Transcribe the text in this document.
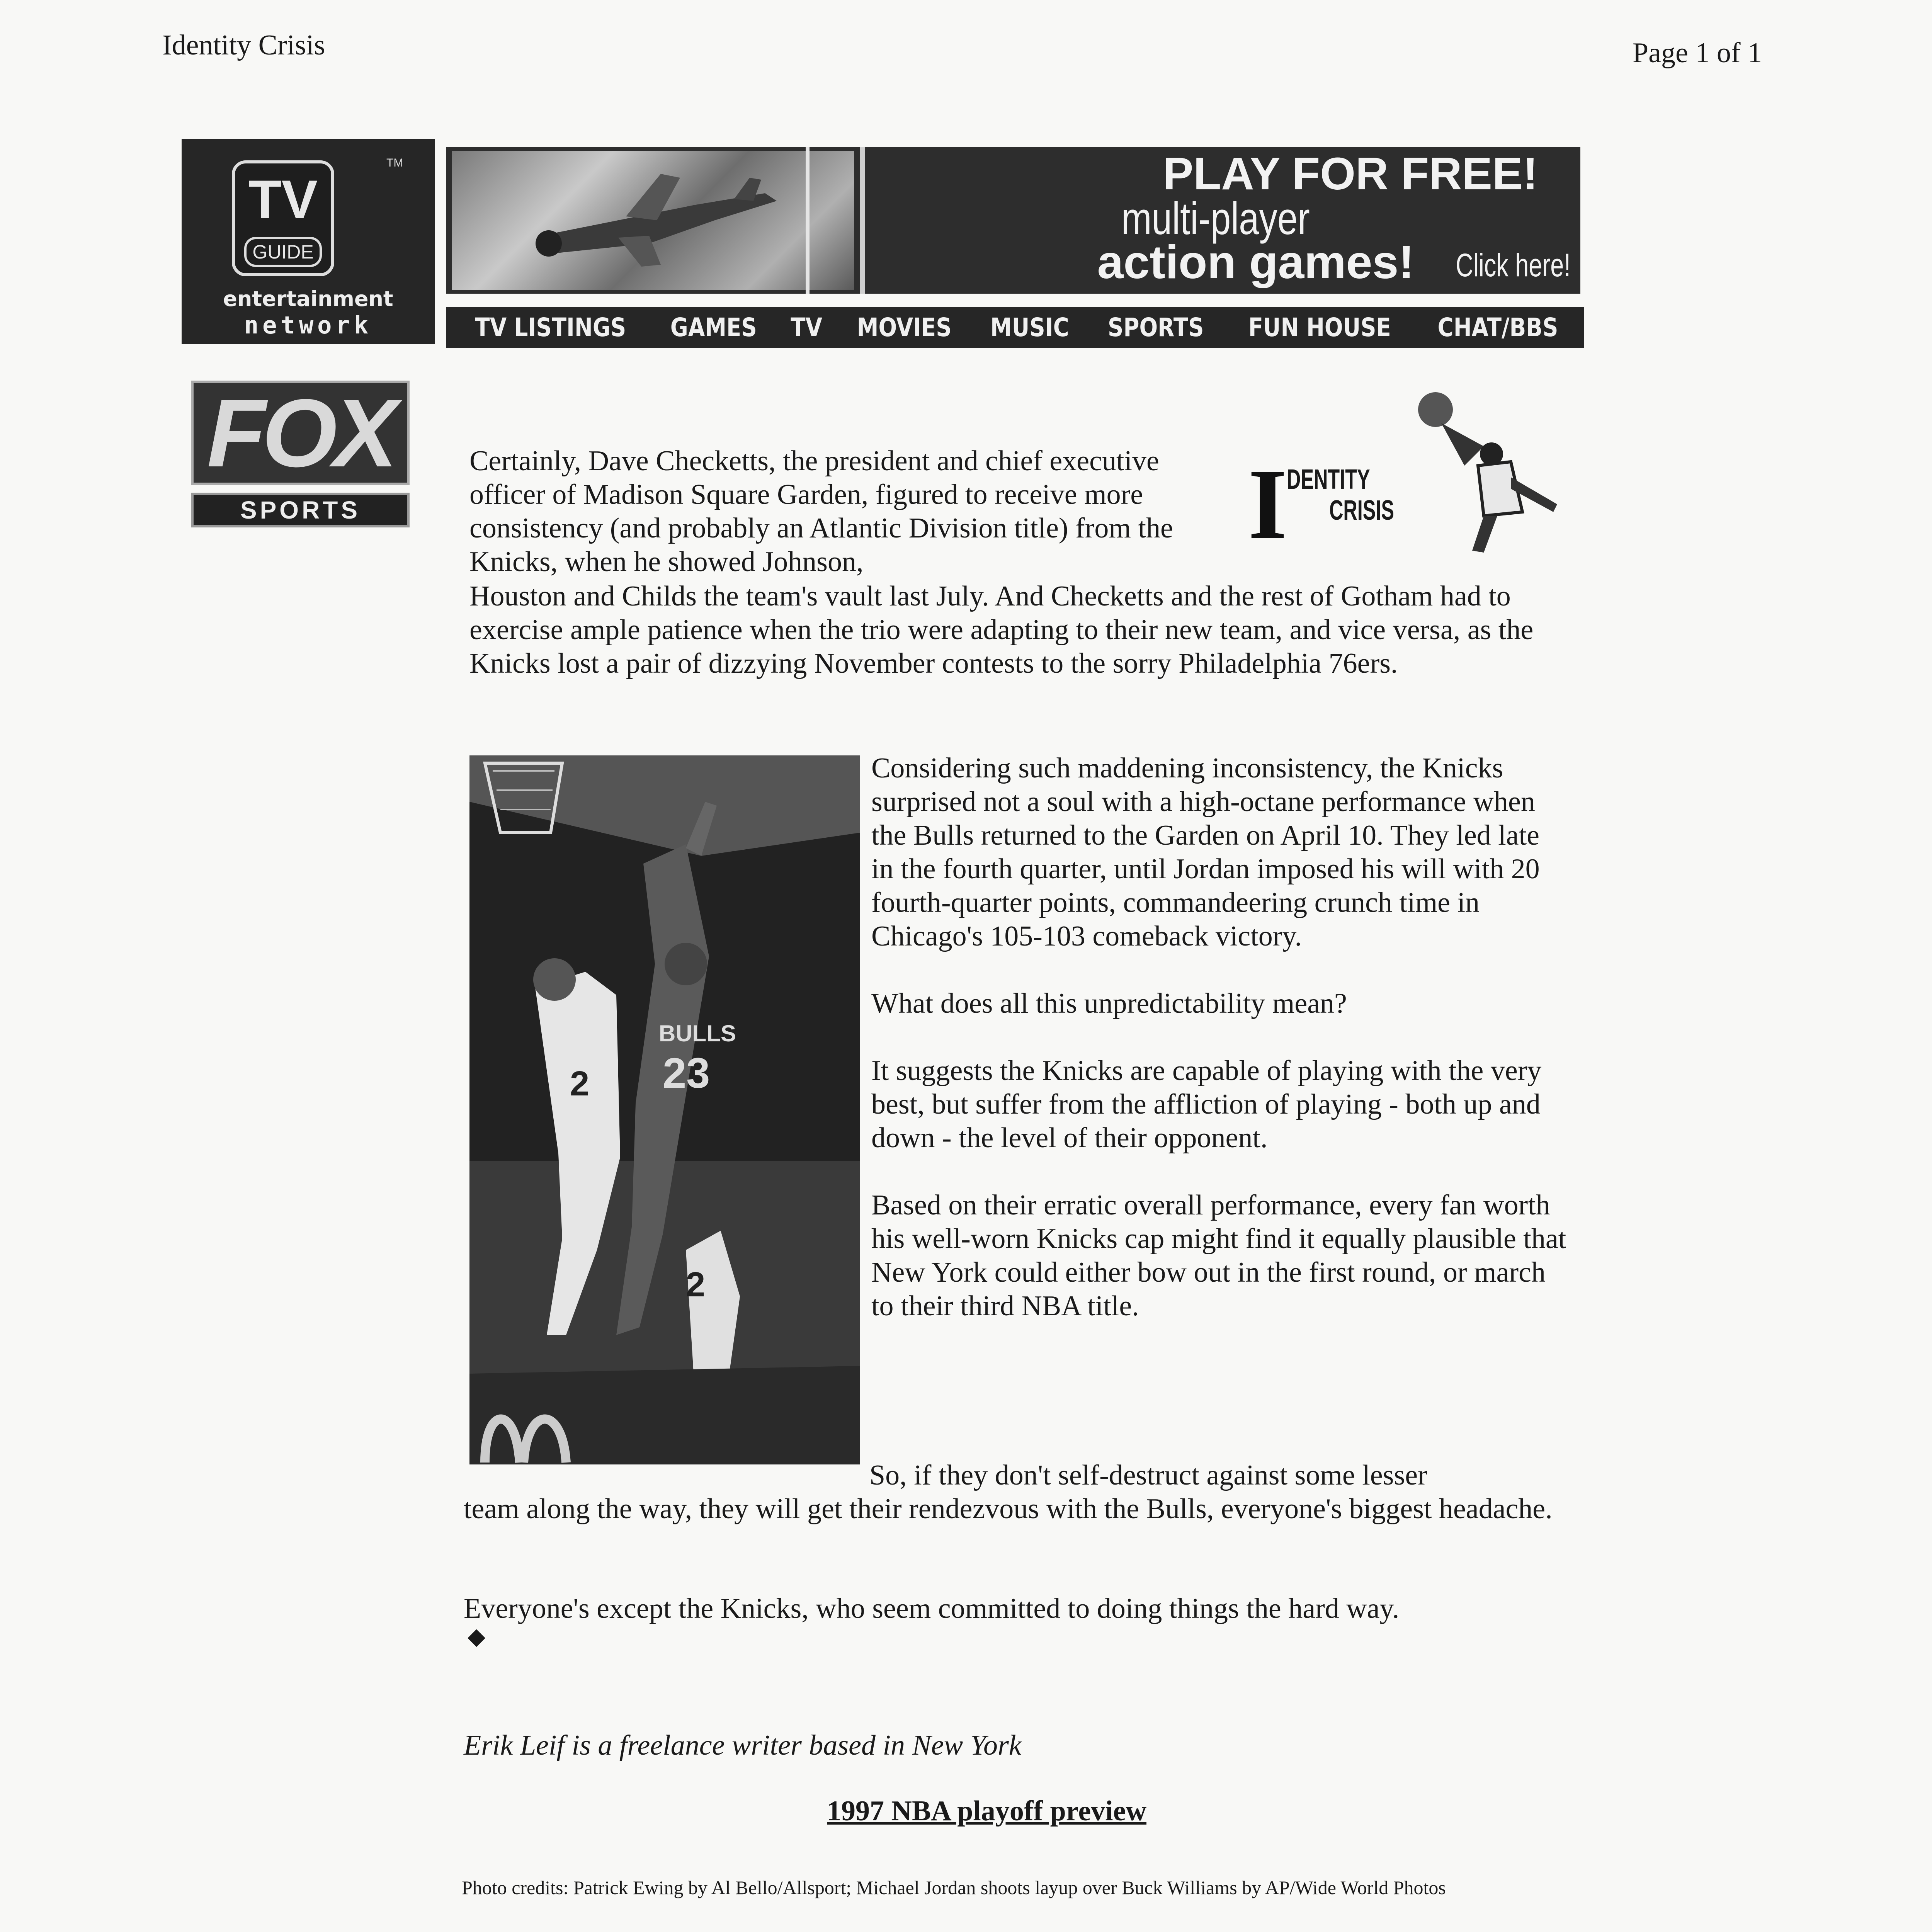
Identity Crisis	Page 1 of 1
TV
GUIDE
TM
entertainment
network
PLAY FOR FREE!
multi-player
action games! Click here!
TV LISTINGS GAMES TV MOVIES MUSIC SPORTS FUN HOUSE CHAT/BBS
FOX
SPORTS	I
DENTITY
CRISIS
Certainly, Dave Checketts, the president and chief executive officer of Madison Square Garden, figured to receive more consistency (and probably an Atlantic Division title) from the Knicks, when he showed Johnson,
Houston and Childs the team's vault last July. And Checketts and the rest of Gotham had to exercise ample patience when the trio were adapting to their new team, and vice versa, as the Knicks lost a pair of dizzying November contests to the sorry Philadelphia 76ers.
2
BULLS
23
2

Considering such maddening inconsistency, the Knicks surprised not a soul with a high-octane performance when the Bulls returned to the Garden on April 10. They led late in the fourth quarter, until Jordan imposed his will with 20 fourth-quarter points, commandeering crunch time in Chicago's 105-103 comeback victory.

What does all this unpredictability mean?

It suggests the Knicks are capable of playing with the very best, but suffer from the affliction of playing - both up and down - the level of their opponent.

Based on their erratic overall performance, every fan worth his well-worn Knicks cap might find it equally plausible that New York could either bow out in the first round, or march to their third NBA title.

So, if they don't self-destruct against some lesser
team along the way, they will get their rendezvous with the Bulls, everyone's biggest headache.
Everyone's except the Knicks, who seem committed to doing things the hard way.
◆
Erik Leif is a freelance writer based in New York
1997 NBA playoff preview
Photo credits: Patrick Ewing by Al Bello/Allsport; Michael Jordan shoots layup over Buck Williams by AP/Wide World Photos
